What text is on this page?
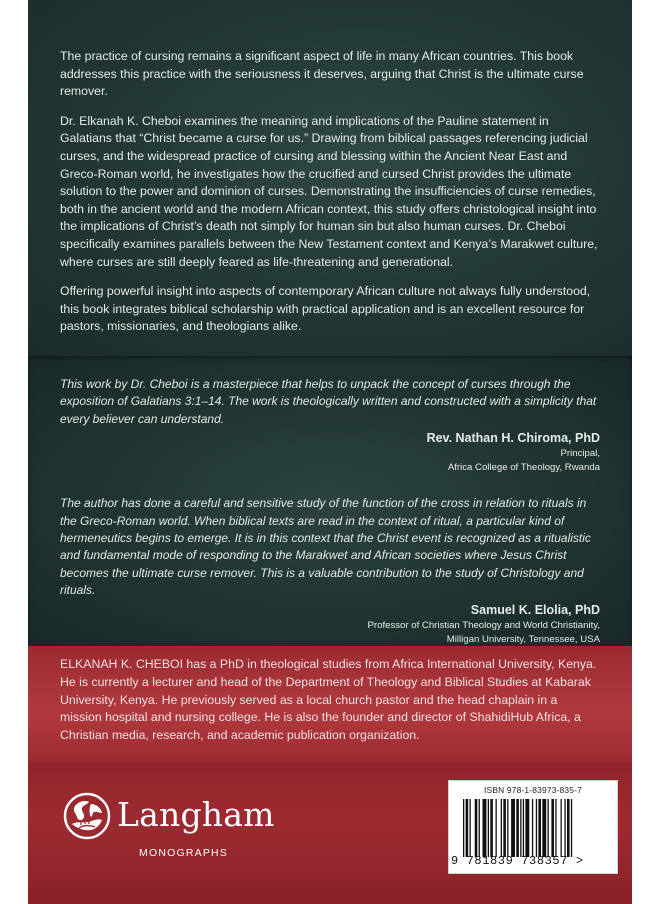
The practice of cursing remains a significant aspect of life in many African countries. This book addresses this practice with the seriousness it deserves, arguing that Christ is the ultimate curse remover.

Dr. Elkanah K. Cheboi examines the meaning and implications of the Pauline statement in Galatians that “Christ became a curse for us.” Drawing from biblical passages referencing judicial curses, and the widespread practice of cursing and blessing within the Ancient Near East and Greco-Roman world, he investigates how the crucified and cursed Christ provides the ultimate solution to the power and dominion of curses. Demonstrating the insufficiencies of curse remedies, both in the ancient world and the modern African context, this study offers christological insight into the implications of Christ’s death not simply for human sin but also human curses. Dr. Cheboi specifically examines parallels between the New Testament context and Kenya’s Marakwet culture, where curses are still deeply feared as life-threatening and generational.

Offering powerful insight into aspects of contemporary African culture not always fully understood, this book integrates biblical scholarship with practical application and is an excellent resource for pastors, missionaries, and theologians alike.

This work by Dr. Cheboi is a masterpiece that helps to unpack the concept of curses through the exposition of Galatians 3:1–14. The work is theologically written and constructed with a simplicity that every believer can understand.

Rev. Nathan H. Chiroma, PhD
Principal,
Africa College of Theology, Rwanda

The author has done a careful and sensitive study of the function of the cross in relation to rituals in the Greco-Roman world. When biblical texts are read in the context of ritual, a particular kind of hermeneutics begins to emerge. It is in this context that the Christ event is recognized as a ritualistic and fundamental mode of responding to the Marakwet and African societies where Jesus Christ becomes the ultimate curse remover. This is a valuable contribution to the study of Christology and rituals.

Samuel K. Elolia, PhD
Professor of Christian Theology and World Christianity,
Milligan University, Tennessee, USA

ELKANAH K. CHEBOI has a PhD in theological studies from Africa International University, Kenya. He is currently a lecturer and head of the Department of Theology and Biblical Studies at Kabarak University, Kenya. He previously served as a local church pastor and the head chaplain in a mission hospital and nursing college. He is also the founder and director of ShahidiHub Africa, a Christian media, research, and academic publication organization.

Langham
MONOGRAPHS
ISBN 978-1-83973-835-7
9 781839 738357 >
